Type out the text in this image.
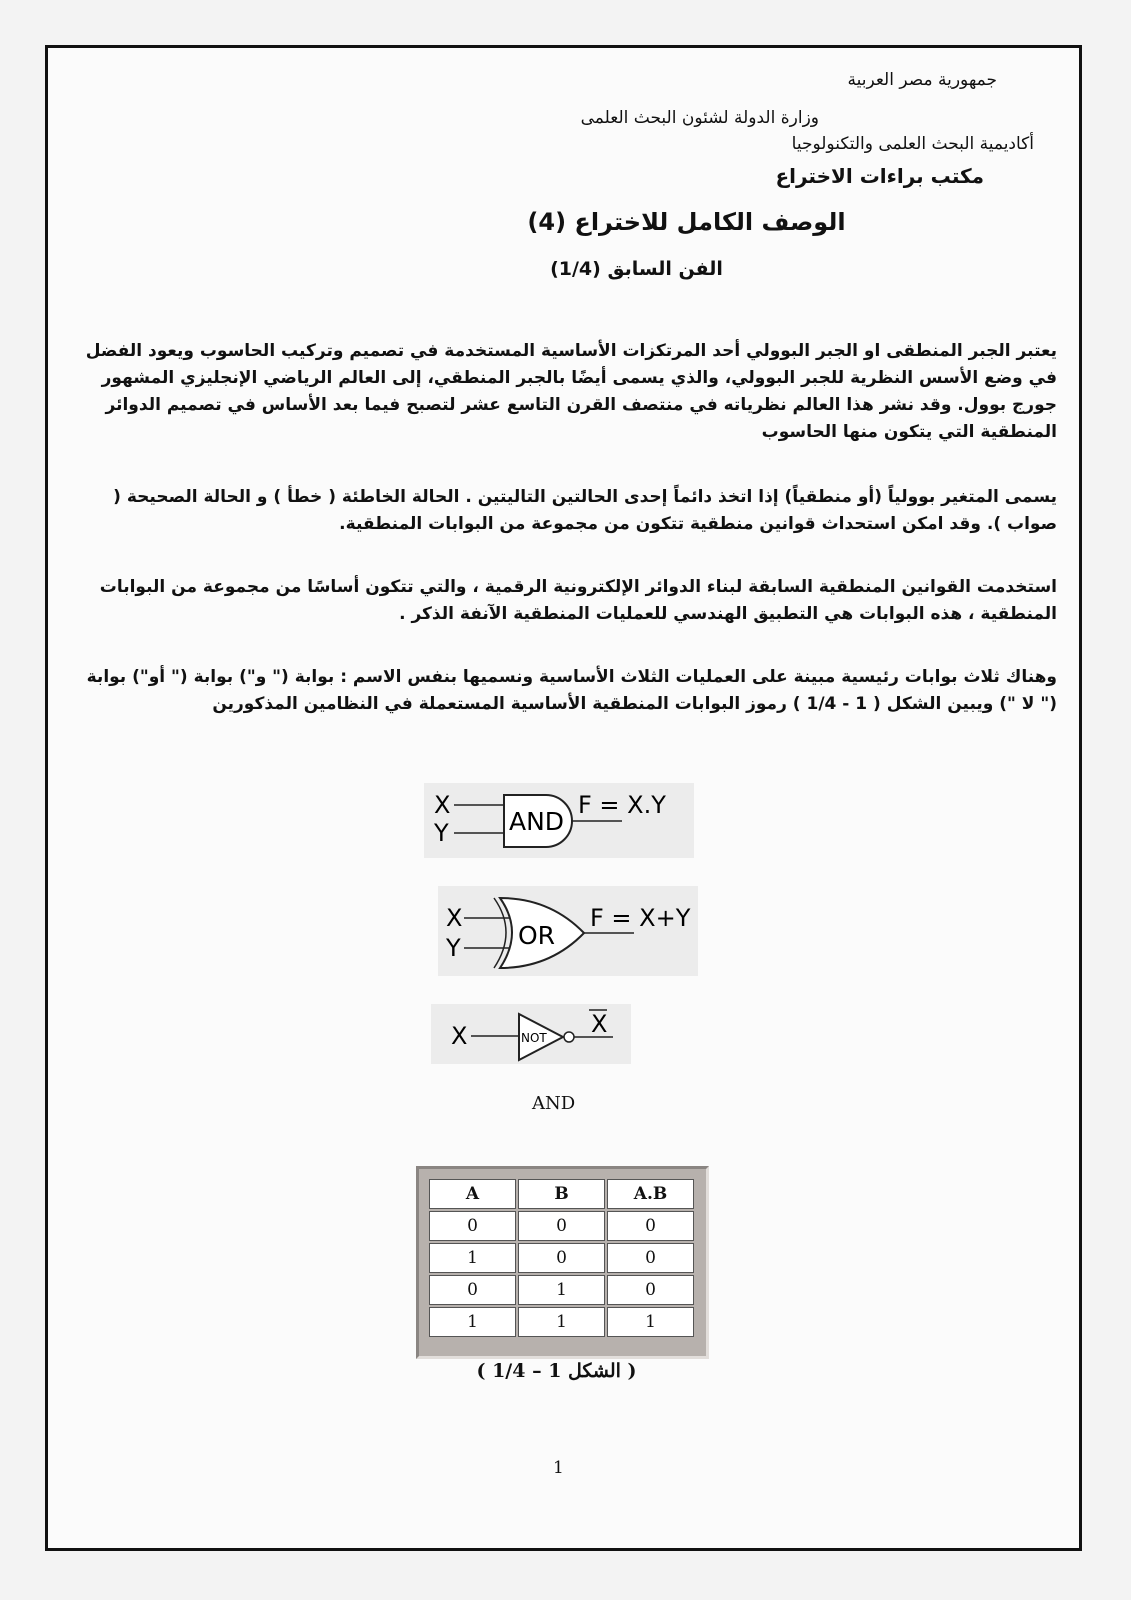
جمهورية مصر العربية
وزارة الدولة لشئون البحث العلمى
أكاديمية البحث العلمى والتكنولوجيا
مكتب براءات الاختراع
(4) الوصف الكامل للاختراع
(1/4) الفن السابق
يعتبر الجبر المنطقى او الجبر البوولي أحد المرتكزات الأساسية المستخدمة في تصميم وتركيب الحاسوب ويعود الفضل في وضع الأسس النظرية للجبر البوولي، والذي يسمى أيضًا بالجبر المنطقي، إلى العالم الرياضي الإنجليزي المشهور جورج بوول. وقد نشر هذا العالم نظرياته في منتصف القرن التاسع عشر لتصبح فيما بعد الأساس في تصميم الدوائر المنطقية التي يتكون منها الحاسوب
يسمى المتغير بوولياً (أو منطقياً) إذا اتخذ دائماً إحدى الحالتين التاليتين . الحالة الخاطئة ( خطأ ) و الحالة الصحيحة ( صواب ). وقد امكن استحداث قوانين منطقية تتكون من مجموعة من البوابات المنطقية.
استخدمت القوانين المنطقية السابقة لبناء الدوائر الإلكترونية الرقمية ، والتي تتكون أساسًا من مجموعة من البوابات المنطقية ، هذه البوابات هي التطبيق الهندسي للعمليات المنطقية الآنفة الذكر .
وهناك ثلاث بوابات رئيسية مبينة على العمليات الثلاث الأساسية ونسميها بنفس الاسم : بوابة (" و") بوابة (" أو") بوابة (" لا ") ويبين الشكل ( 1 - 1/4 ) رموز البوابات المنطقية الأساسية المستعملة في النظامين المذكورين
X
Y AND
F = X.Y
X
Y OR
F = X+Y
X	NOT X
AND
A	B	A.B
0	0	0
1	0	0
0	1	0
1	1	1
( الشكل 1 – 1/4 )
1
